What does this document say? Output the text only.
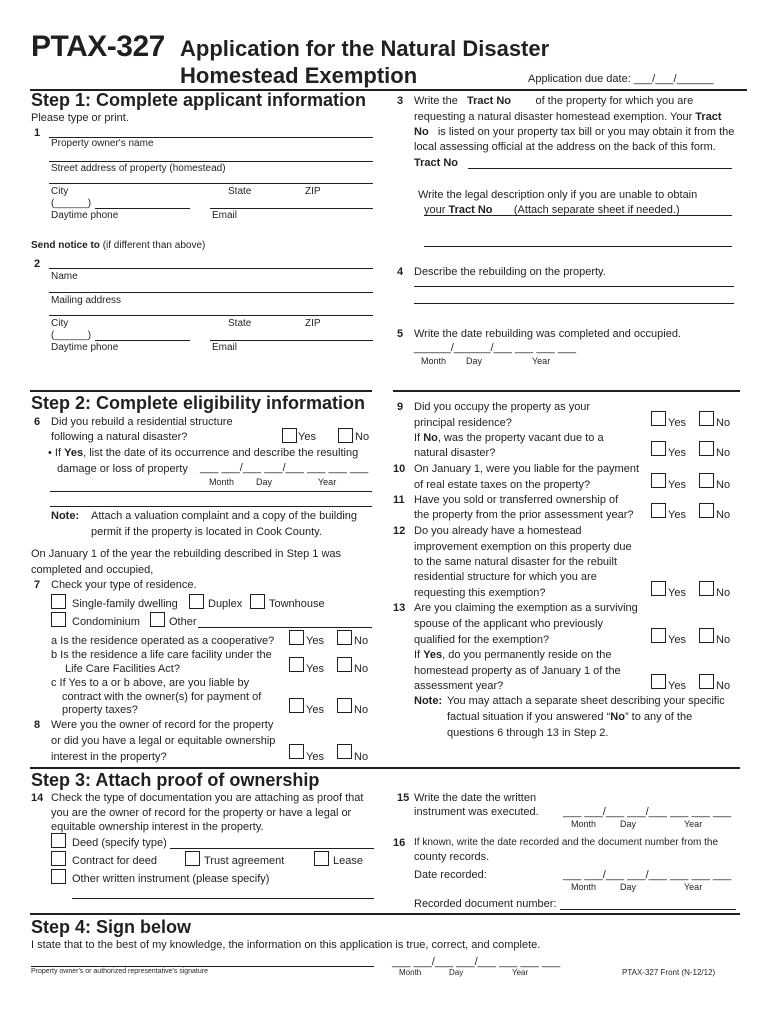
PTAX-327 Application for the Natural Disaster
Homestead Exemption	Application due date: ___/___/______
Step 1: Complete applicant information
Please type or print.
1
Property owner's name
Street address of property (homestead)
City	State	ZIP
(______)
Daytime phone	Email
Send notice to (if different than above)
2
Name
Mailing address
City	State	ZIP
(______)
Daytime phone	Email
3 Write the Tract No of the property for which you are
requesting a natural disaster homestead exemption. Your Tract
No is listed on your property tax bill or you may obtain it from the
local assessing official at the address on the back of this form.
Tract No
Write the legal description only if you are unable to obtain
your Tract No (Attach separate sheet if needed.)
4 Describe the rebuilding on the property.
5 Write the date rebuilding was completed and occupied.
______/______/___ ___ ___ ___
Month Day	Year
Step 2: Complete eligibility information
6 Did you rebuild a residential structure
following a natural disaster?	Yes	No
• If Yes, list the date of its occurrence and describe the resulting
damage or loss of property ___ ___/___ ___/___ ___ ___ ___
Month Day	Year
Note: Attach a valuation complaint and a copy of the building
permit if the property is located in Cook County.
On January 1 of the year the rebuilding described in Step 1 was
completed and occupied,
7 Check your type of residence.
Single-family dwelling	Duplex Townhouse
Condominium	Other
a Is the residence operated as a cooperative?	Yes	No
b Is the residence a life care facility under the
Life Care Facilities Act?	Yes	No
c If Yes to a or b above, are you liable by
contract with the owner(s) for payment of
property taxes?	Yes	No
8 Were you the owner of record for the property
or did you have a legal or equitable ownership
interest in the property?	Yes	No
9 Did you occupy the property as your
principal residence?	Yes	No
If No, was the property vacant due to a
natural disaster?	Yes	No
10 On January 1, were you liable for the payment
of real estate taxes on the property?	Yes	No
11 Have you sold or transferred ownership of
the property from the prior assessment year?	Yes	No
12 Do you already have a homestead
improvement exemption on this property due
to the same natural disaster for the rebuilt
residential structure for which you are
requesting this exemption?	Yes	No
13 Are you claiming the exemption as a surviving
spouse of the applicant who previously
qualified for the exemption?	Yes	No
If Yes, do you permanently reside on the
homestead property as of January 1 of the
assessment year?	Yes	No
Note: You may attach a separate sheet describing your specific
factual situation if you answered “No” to any of the
questions 6 through 13 in Step 2.
Step 3: Attach proof of ownership
14 Check the type of documentation you are attaching as proof that
you are the owner of record for the property or have a legal or
equitable ownership interest in the property.
Deed (specify type)
Contract for deed	Trust agreement	Lease
Other written instrument (please specify)
15 Write the date the written
instrument was executed. ___ ___/___ ___/___ ___ ___ ___
Month	Day	Year
16 If known, write the date recorded and the document number from the
county records.
Date recorded:	___ ___/___ ___/___ ___ ___ ___
Month	Day	Year
Recorded document number:
Step 4: Sign below
I state that to the best of my knowledge, the information on this application is true, correct, and complete.
Property owner's or authorized representative's signature
___ ___/___ ___/___ ___ ___ ___
Month	Day	Year	PTAX-327 Front (N-12/12)
